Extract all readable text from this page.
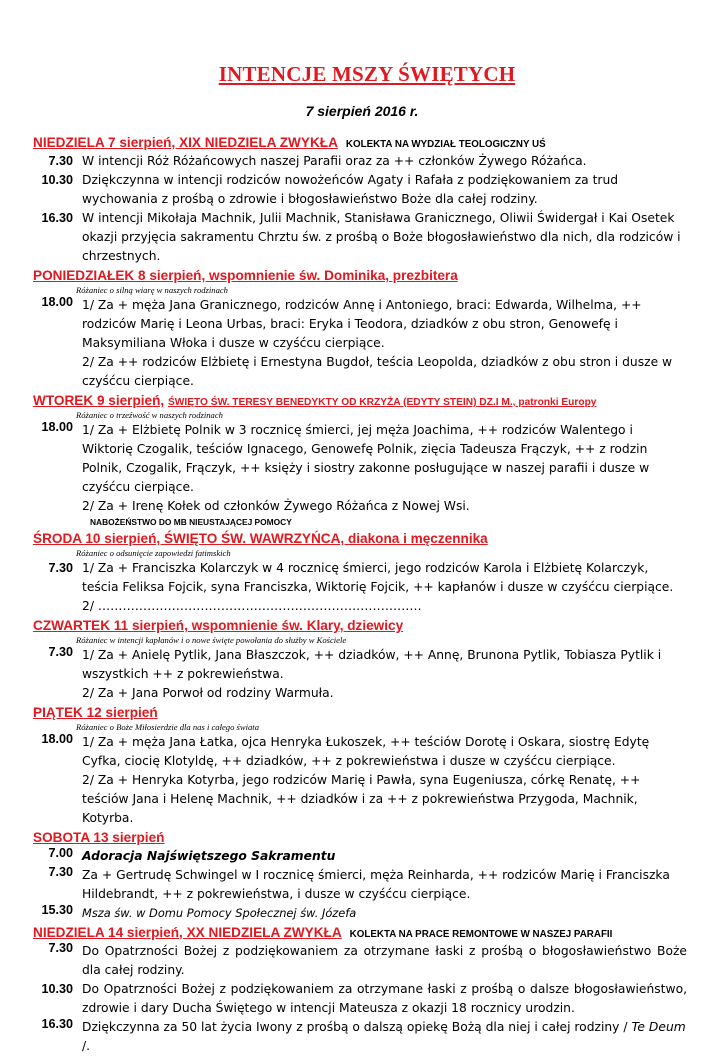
INTENCJE MSZY ŚWIĘTYCH
7 sierpień 2016 r.
NIEDZIELA 7 sierpień, XIX NIEDZIELA ZWYKŁA KOLEKTA NA WYDZIAŁ TEOLOGICZNY UŚ
7.30 W intencji Róż Różańcowych naszej Parafii oraz za ++ członków Żywego Różańca.
10.30 Dziękczynna w intencji rodziców nowożeńców Agaty i Rafała z podziękowaniem za trud wychowania z prośbą o zdrowie i błogosławieństwo Boże dla całej rodziny.
16.30 W intencji Mikołaja Machnik, Julii Machnik, Stanisława Granicznego, Oliwii Świdergał i Kai Osetek okazji przyjęcia sakramentu Chrztu św. z prośbą o Boże błogosławieństwo dla nich, dla rodziców i chrzestnych.
PONIEDZIAŁEK 8 sierpień, wspomnienie św. Dominika, prezbitera
Różaniec o silną wiarę w naszych rodzinach
18.00 1/ Za + męża Jana Granicznego, rodziców Annę i Antoniego, braci: Edwarda, Wilhelma, ++ rodziców Marię i Leona Urbas, braci: Eryka i Teodora, dziadków z obu stron, Genowefę i Maksymiliana Włoka i dusze w czyśćcu cierpiące.
2/ Za ++ rodziców Elżbietę i Ernestyna Bugdoł, teścia Leopolda, dziadków z obu stron i dusze w czyśćcu cierpiące.
WTOREK 9 sierpień, ŚWIĘTO ŚW. TERESY BENEDYKTY OD KRZYŻA (EDYTY STEIN) DZ.I M., patronki Europy
Różaniec o trzeźwość w naszych rodzinach
18.00 1/ Za + Elżbietę Polnik w 3 rocznicę śmierci, jej męża Joachima, ++ rodziców Walentego i Wiktorię Czogalik, teściów Ignacego, Genowefę Polnik, zięcia Tadeusza Frączyk, ++ z rodzin Polnik, Czogalik, Frączyk, ++ księży i siostry zakonne posługujące w naszej parafii i dusze w czyśćcu cierpiące.
2/ Za + Irenę Kołek od członków Żywego Różańca z Nowej Wsi.
NABOŻEŃSTWO DO MB NIEUSTAJĄCEJ POMOCY
ŚRODA 10 sierpień, ŚWIĘTO ŚW. WAWRZYŃCA, diakona i męczennika
Różaniec o odsunięcie zapowiedzi fatimskich
7.30 1/ Za + Franciszka Kolarczyk w 4 rocznicę śmierci, jego rodziców Karola i Elżbietę Kolarczyk, teścia Feliksa Fojcik, syna Franciszka, Wiktorię Fojcik, ++ kapłanów i dusze w czyśćcu cierpiące.
2/ …………………………………………………………………….
CZWARTEK 11 sierpień, wspomnienie św. Klary, dziewicy
Różaniec w intencji kapłanów i o nowe święte powołania do służby w Kościele
7.30 1/ Za + Anielę Pytlik, Jana Błaszczok, ++ dziadków, ++ Annę, Brunona Pytlik, Tobiasza Pytlik i wszystkich ++ z pokrewieństwa.
2/ Za + Jana Porwoł od rodziny Warmuła.
PIĄTEK 12 sierpień
Różaniec o Boże Miłosierdzie dla nas i całego świata
18.00 1/ Za + męża Jana Łatka, ojca Henryka Łukoszek, ++ teściów Dorotę i Oskara, siostrę Edytę Cyfka, ciocię Klotyldę, ++ dziadków, ++ z pokrewieństwa i dusze w czyśćcu cierpiące.
2/ Za + Henryka Kotyrba, jego rodziców Marię i Pawła, syna Eugeniusza, córkę Renatę, ++ teściów Jana i Helenę Machnik, ++ dziadków i za ++ z pokrewieństwa Przygoda, Machnik, Kotyrba.
SOBOTA 13 sierpień
7.00 Adoracja Najświętszego Sakramentu
7.30 Za + Gertrudę Schwingel w I rocznicę śmierci, męża Reinharda, ++ rodziców Marię i Franciszka Hildebrandt, ++ z pokrewieństwa, i dusze w czyśćcu cierpiące.
15.30 Msza św. w Domu Pomocy Społecznej św. Józefa
NIEDZIELA 14 sierpień, XX NIEDZIELA ZWYKŁA KOLEKTA NA PRACE REMONTOWE W NASZEJ PARAFII
7.30 Do Opatrzności Bożej z podziękowaniem za otrzymane łaski z prośbą o błogosławieństwo Boże dla całej rodziny.
10.30 Do Opatrzności Bożej z podziękowaniem za otrzymane łaski z prośbą o dalsze błogosławieństwo, zdrowie i dary Ducha Świętego w intencji Mateusza z okazji 18 rocznicy urodzin.
16.30 Dziękczynna za 50 lat życia Iwony z prośbą o dalszą opiekę Bożą dla niej i całej rodziny / Te Deum /.
